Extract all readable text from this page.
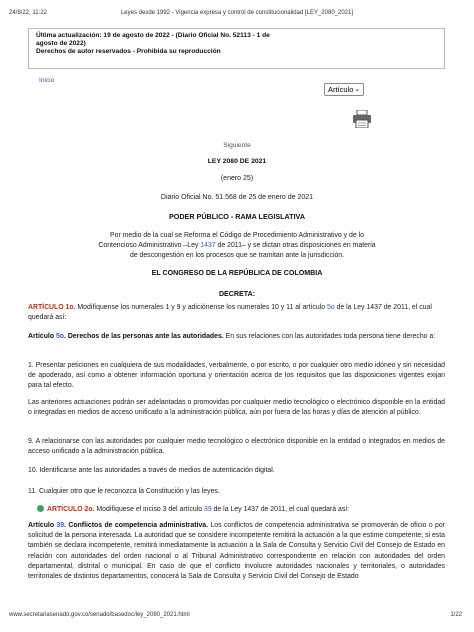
24/8/22, 11:22	Leyes desde 1992 - Vigencia expresa y control de constitucionalidad [LEY_2080_2021]
Última actualización: 19 de agosto de 2022 - (Diario Oficial No. 52113 - 1 de
agosto de 2022)
Derechos de autor reservados - Prohibida su reproducción
Inicio
Artículo ⌄
Siguiente
LEY 2080 DE 2021
(enero 25)
Diario Oficial No. 51.568 de 25 de enero de 2021
PODER PÚBLICO - RAMA LEGISLATIVA
Por medio de la cual se Reforma el Código de Procedimiento Administrativo y de lo Contencioso Administrativo –Ley 1437 de 2011– y se dictan otras disposiciones en materia de descongestión en los procesos que se tramitan ante la jurisdicción.
EL CONGRESO DE LA REPÚBLICA DE COLOMBIA
DECRETA:
ARTÍCULO 1o. Modifíquense los numerales 1 y 9 y adiciónense los numerales 10 y 11 al artículo 5o de la Ley 1437 de 2011, el cual quedará así:
Artículo 5o. Derechos de las personas ante las autoridades. En sus relaciones con las autoridades toda persona tiene derecho a:
1. Presentar peticiones en cualquiera de sus modalidades, verbalmente, o por escrito, o por cualquier otro medio idóneo y sin necesidad de apoderado, así como a obtener información oportuna y orientación acerca de los requisitos que las disposiciones vigentes exijan para tal efecto.
Las anteriores actuaciones podrán ser adelantadas o promovidas por cualquier medio tecnológico o electrónico disponible en la entidad o integradas en medios de acceso unificado a la administración pública, aún por fuera de las horas y días de atención al público.
9. A relacionarse con las autoridades por cualquier medio tecnológico o electrónico disponible en la entidad o integrados en medios de acceso unificado a la administración pública.
10. Identificarse ante las autoridades a través de medios de autenticación digital.
11. Cualquier otro que le reconozca la Constitución y las leyes.
ARTÍCULO 2o. Modifíquese el inciso 3 del artículo 39 de la Ley 1437 de 2011, el cual quedará así:
Artículo 39. Conflictos de competencia administrativa. Los conflictos de competencia administrativa se promoverán de oficio o por solicitud de la persona interesada. La autoridad que se considere incompetente remitirá la actuación a la que estime competente; si esta también se declara incompetente, remitirá inmediatamente la actuación a la Sala de Consulta y Servicio Civil del Consejo de Estado en relación con autoridades del orden nacional o al Tribunal Administrativo correspondiente en relación con autoridades del orden departamental, distrital o municipal. En caso de que el conflicto involucre autoridades nacionales y territoriales, o autoridades territoriales de distintos departamentos, conocerá la Sala de Consulta y Servicio Civil del Consejo de Estado
www.secretariasenado.gov.co/senado/basedoc/ley_2080_2021.html	1/22
